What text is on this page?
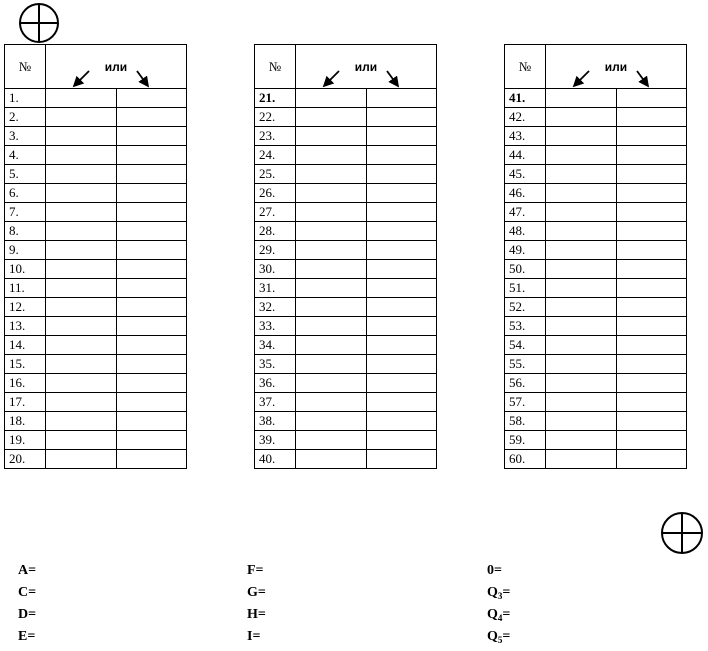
№	или	

1.		
2.		
3.		
4.		
5.		
6.		
7.		
8.		
9.		
10.		
11.		
12.		
13.		
14.		
15.		
16.		
17.		
18.		
19.		
20.		
№	или	

21.		
22.		
23.		
24.		
25.		
26.		
27.		
28.		
29.		
30.		
31.		
32.		
33.		
34.		
35.		
36.		
37.		
38.		
39.		
40.		
№	или	

41.		
42.		
43.		
44.		
45.		
46.		
47.		
48.		
49.		
50.		
51.		
52.		
53.		
54.		
55.		
56.		
57.		
58.		
59.		
60.		
A=
C=
D=
E=
F=
G=
H=
I=
0=
$Q_3=$
$Q_4=$
$Q_5=$
